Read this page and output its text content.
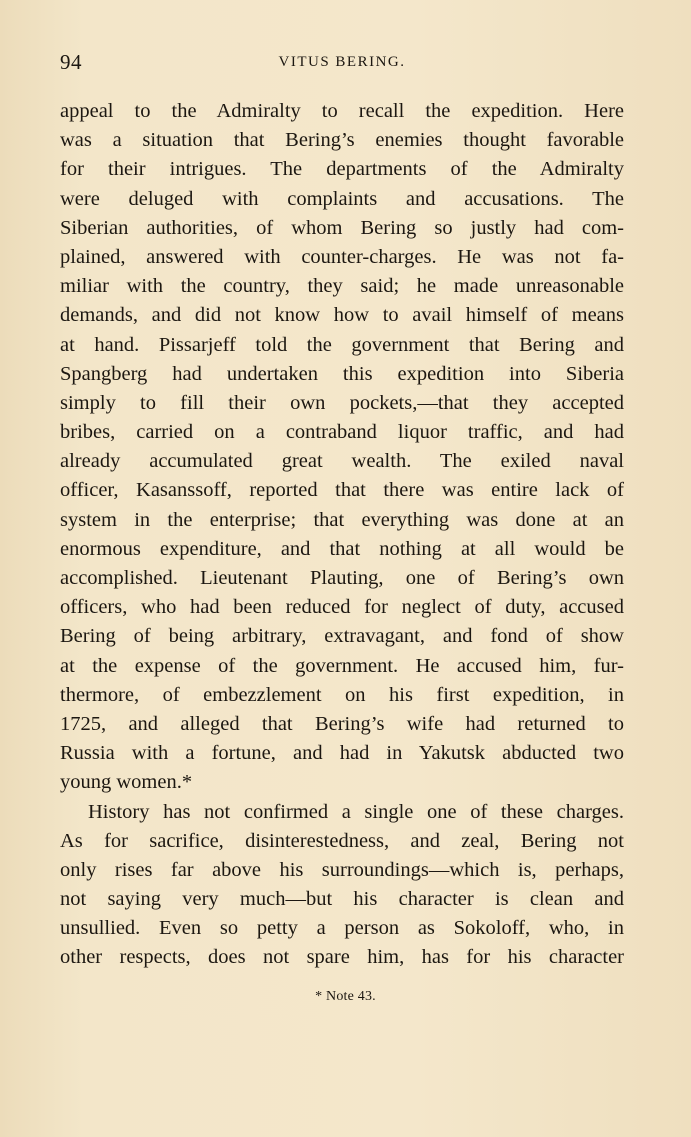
94	VITUS BERING.
appeal to the Admiralty to recall the expedition. Here
was a situation that Bering’s enemies thought favorable
for their intrigues. The departments of the Admiralty
were deluged with complaints and accusations. The
Siberian authorities, of whom Bering so justly had com-
plained, answered with counter-charges. He was not fa-
miliar with the country, they said; he made unreasonable
demands, and did not know how to avail himself of means
at hand. Pissarjeff told the government that Bering and
Spangberg had undertaken this expedition into Siberia
simply to fill their own pockets,—that they accepted
bribes, carried on a contraband liquor traffic, and had
already accumulated great wealth. The exiled naval
officer, Kasanssoff, reported that there was entire lack of
system in the enterprise; that everything was done at an
enormous expenditure, and that nothing at all would be
accomplished. Lieutenant Plauting, one of Bering’s own
officers, who had been reduced for neglect of duty, accused
Bering of being arbitrary, extravagant, and fond of show
at the expense of the government. He accused him, fur-
thermore, of embezzlement on his first expedition, in
1725, and alleged that Bering’s wife had returned to
Russia with a fortune, and had in Yakutsk abducted two
young women.*
History has not confirmed a single one of these charges.
As for sacrifice, disinterestedness, and zeal, Bering not
only rises far above his surroundings—which is, perhaps,
not saying very much—but his character is clean and
unsullied. Even so petty a person as Sokoloff, who, in
other respects, does not spare him, has for his character
* Note 43.
